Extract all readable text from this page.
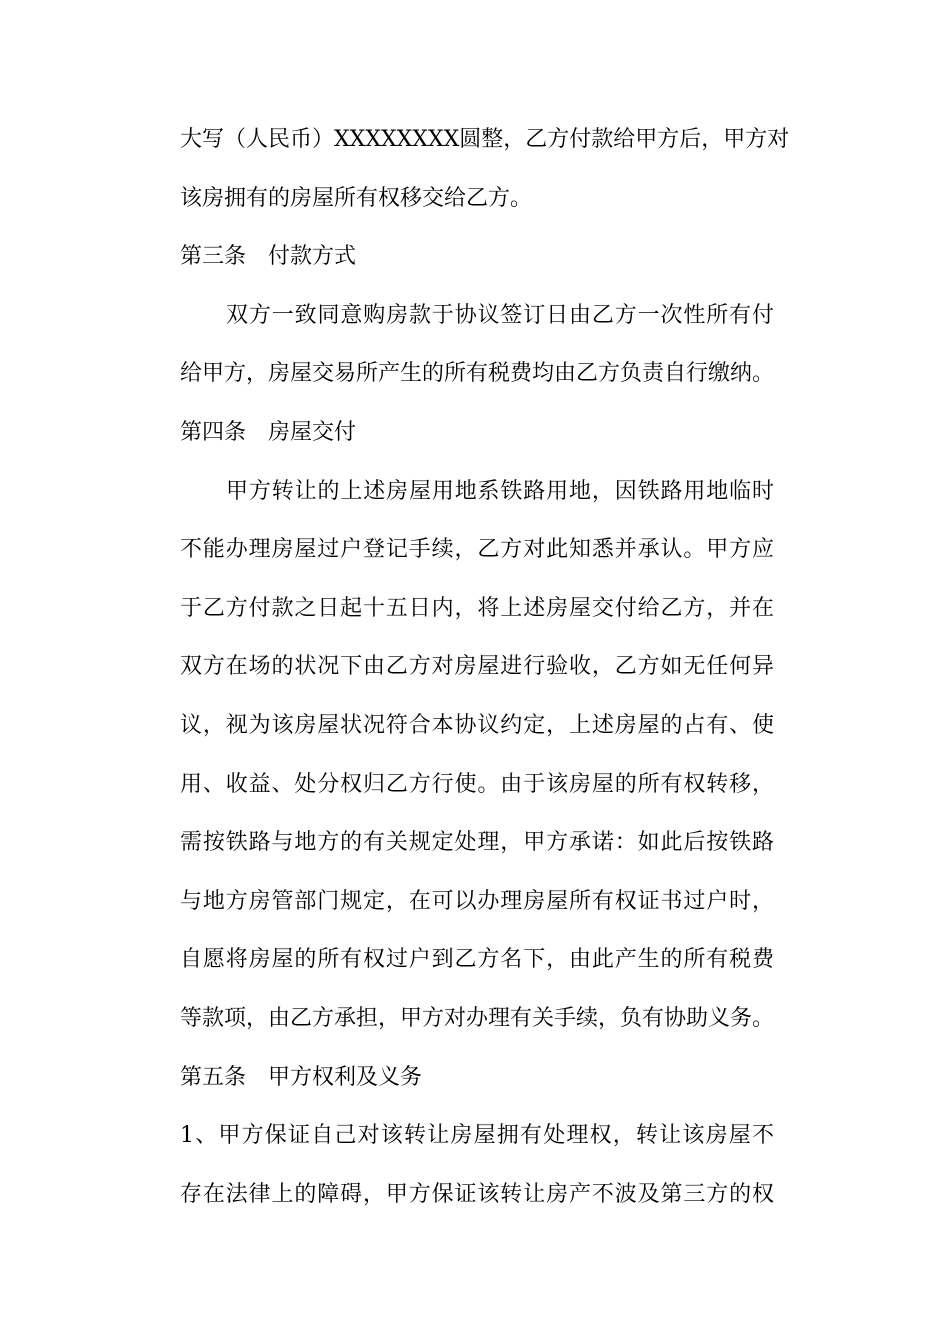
大写（人民币）XXXXXXXX圆整，乙方付款给甲方后，甲方对
该房拥有的房屋所有权移交给乙方。
第三条 付款方式
双方一致同意购房款于协议签订日由乙方一次性所有付
给甲方，房屋交易所产生的所有税费均由乙方负责自行缴纳。
第四条 房屋交付
甲方转让的上述房屋用地系铁路用地，因铁路用地临时
不能办理房屋过户登记手续，乙方对此知悉并承认。甲方应
于乙方付款之日起十五日内，将上述房屋交付给乙方，并在
双方在场的状况下由乙方对房屋进行验收，乙方如无任何异
议，视为该房屋状况符合本协议约定，上述房屋的占有、使
用、收益、处分权归乙方行使。由于该房屋的所有权转移，
需按铁路与地方的有关规定处理，甲方承诺：如此后按铁路
与地方房管部门规定，在可以办理房屋所有权证书过户时，
自愿将房屋的所有权过户到乙方名下，由此产生的所有税费
等款项，由乙方承担，甲方对办理有关手续，负有协助义务。
第五条 甲方权利及义务
1、甲方保证自己对该转让房屋拥有处理权，转让该房屋不
存在法律上的障碍，甲方保证该转让房产不波及第三方的权
